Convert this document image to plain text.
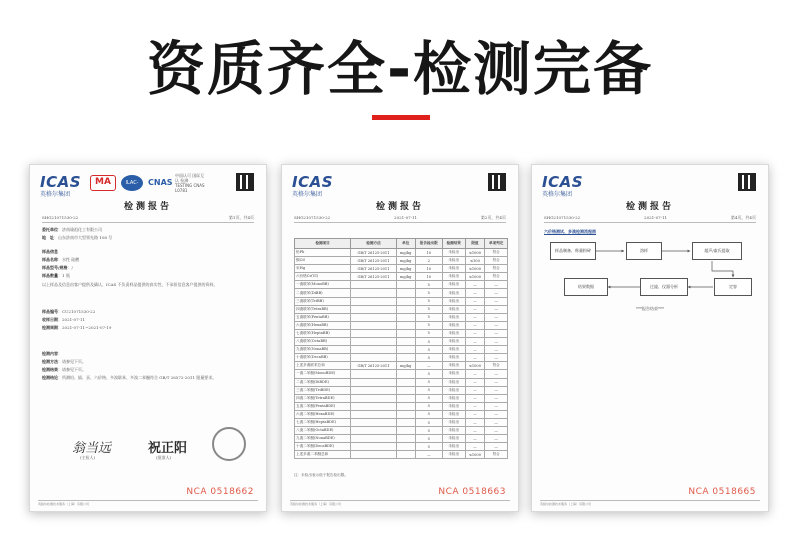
资质齐全-检测完备
ICAS
英格尔集团
MA	ILAC-MRA
CNAS
中国认可 国际互认 检测 TESTING CNAS L0781
检测报告
SHG21071530-22	第1页，共4页
委托单位：济南瑜祖化工有限公司
地　址：山东济南市大型领先路 108 号
样品信息
样品名称：水性 硅酸
样品型号/规格：/
样品数量：1 瓶
以上样品及信息由客户提供及确认，ICAS 不负责样品提供的真实性，不承担信息客户提供的资料。
样品编号：CU21071530-22
收样日期：2021-07-11
检测周期：2021-07-11~2021-07-19
检测内容：
检测方法：请参见下页。
检测结果：请参见下页。
检测结论：所测铅、镉、汞、六价铬、多溴联苯、多溴二苯醚符合 GB/T 26572-2011 限量要求。
翁当远
(主检人)
祝正阳
(批准人)
NCA 0518662
英格尔检测技术服务（上海）有限公司
ICAS
英格尔集团
检测报告
SHG21071530-22	2021-07-11	第2页，共4页
检测项目	检测方法	单位	报告检出限	检测结果	限值	单项判定
铅Pb	GB/T 26125-2011	mg/kg	10	未检出	≤1000	符合
镉Cd	GB/T 26125-2011	mg/kg	2	未检出	≤100	符合
汞Hg	GB/T 26125-2011	mg/kg	10	未检出	≤1000	符合
六价铬Cr(VI)	GB/T 26125-2011	mg/kg	10	未检出	≤1000	符合
一溴联苯(MonoBB)			5	未检出	—	—
二溴联苯(DiBB)			5	未检出	—	—
三溴联苯(TriBB)			5	未检出	—	—
四溴联苯(TetraBB)			5	未检出	—	—
五溴联苯(PentaBB)			5	未检出	—	—
六溴联苯(HexaBB)			5	未检出	—	—
七溴联苯(HeptaBB)			5	未检出	—	—
八溴联苯(OctaBB)			5	未检出	—	—
九溴联苯(NonaBB)			5	未检出	—	—
十溴联苯(DecaBB)			5	未检出	—	—
上述多溴联苯总和	GB/T 26125-2011	mg/kg	—	未检出	≤1000	符合
一溴二苯醚(MonoBDE)			5	未检出	—	—
二溴二苯醚(DiBDE)			5	未检出	—	—
三溴二苯醚(TriBDE)			5	未检出	—	—
四溴二苯醚(TetraBDE)			5	未检出	—	—
五溴二苯醚(PentaBDE)			5	未检出	—	—
六溴二苯醚(HexaBDE)			5	未检出	—	—
七溴二苯醚(HeptaBDE)			5	未检出	—	—
八溴二苯醚(OctaBDE)			5	未检出	—	—
九溴二苯醚(NonaBDE)			5	未检出	—	—
十溴二苯醚(DecaBDE)			5	未检出	—	—
上述多溴二苯醚总和			—	未检出	≤1000	符合
注：未检出表示低于报告检出限。
NCA 0518663
英格尔检测技术服务（上海）有限公司
ICAS
英格尔集团
检测报告
SHG21071530-22	2021-07-11	第4页，共4页
六价铬测试、多溴检测流程图
样品制备、称量粉碎	溶样	超声/索氏提取
结果数据	过滤、仪器分析	定容
***报告结束***
NCA 0518665
英格尔检测技术服务（上海）有限公司
